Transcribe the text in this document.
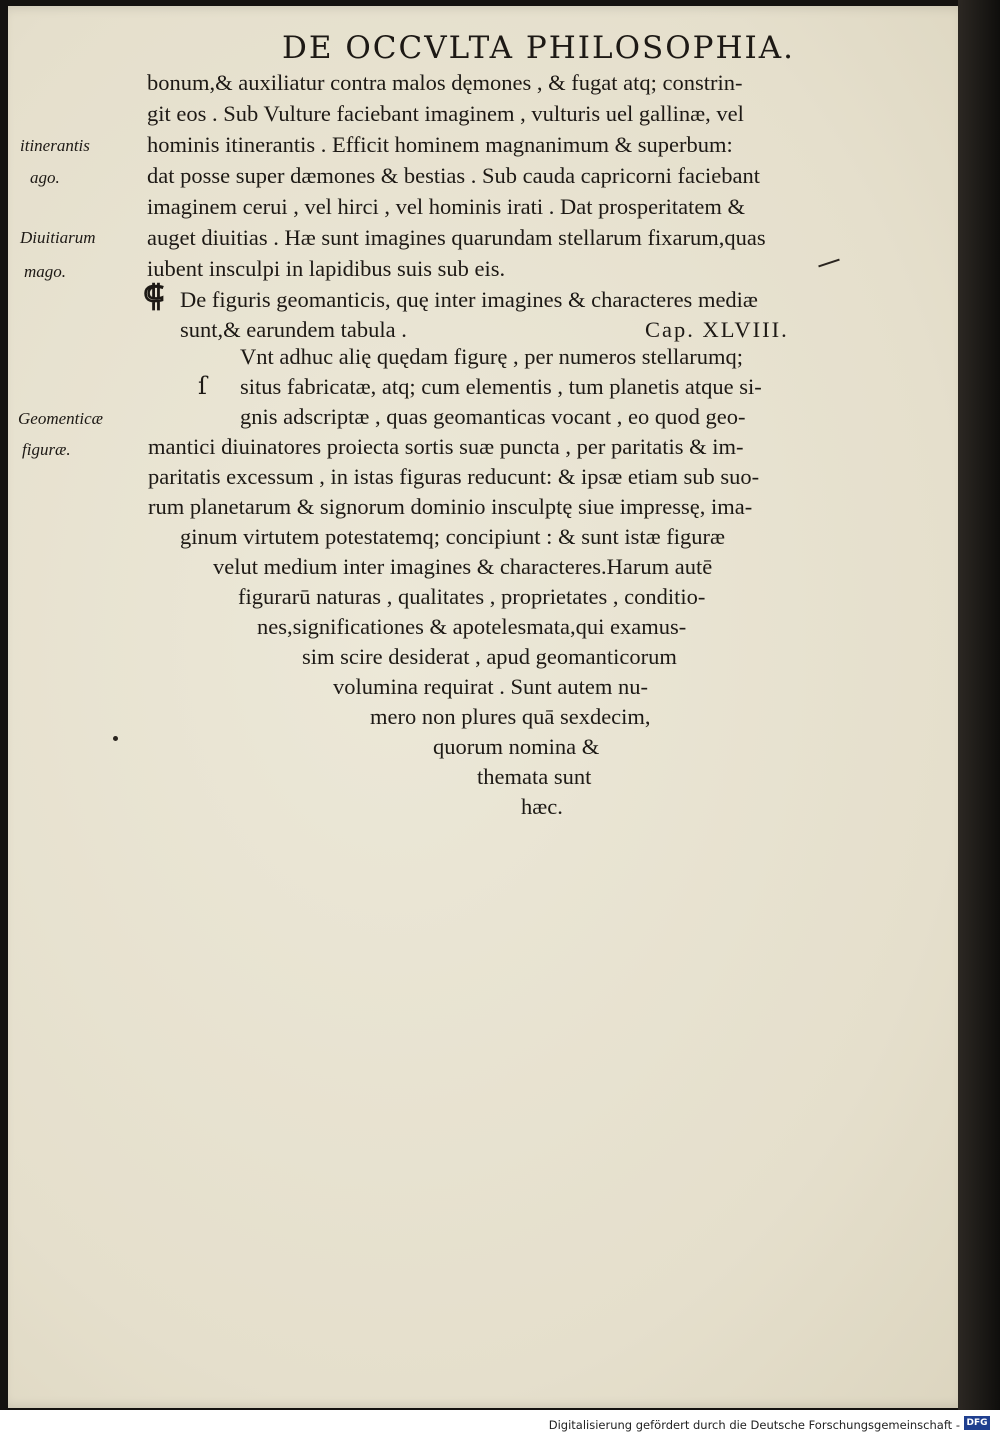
DE OCCVLTA PHILOSOPHIA.
itinerantis
ago.
Diuitiarum
mago.
Geomenticæ
figuræ.
bonum,& auxiliatur contra malos dęmones , & fugat atq; constrin-
git eos . Sub Vulture faciebant imaginem , vulturis uel gallinæ, vel
hominis itinerantis . Efficit hominem magnanimum & superbum:
dat posse super dæmones & bestias . Sub cauda capricorni faciebant
imaginem cerui , vel hirci , vel hominis irati . Dat prosperitatem &
auget diuitias . Hæ sunt imagines quarundam stellarum fixarum,quas
iubent insculpi in lapidibus suis sub eis.
⸿ De figuris geomanticis, quę inter imagines & characteres mediæ
sunt,& earundem tabula .	Cap. XLVIII.
ſ
Vnt adhuc alię quędam figurę , per numeros stellarumq;
situs fabricatæ, atq; cum elementis , tum planetis atque si-
gnis adscriptæ , quas geomanticas vocant , eo quod geo-
mantici diuinatores proiecta sortis suæ puncta , per paritatis & im-
paritatis excessum , in istas figuras reducunt: & ipsæ etiam sub suo-
rum planetarum & signorum dominio insculptę siue impressę, ima-
ginum virtutem potestatemq; concipiunt : & sunt istæ figuræ
velut medium inter imagines & characteres.Harum autē
figurarū naturas , qualitates , proprietates , conditio-
nes,significationes & apotelesmata,qui examus-
sim scire desiderat , apud geomanticorum
volumina requirat . Sunt autem nu-
mero non plures quā sexdecim,
quorum nomina &
themata sunt
hæc.
Digitalisierung gefördert durch die Deutsche Forschungsgemeinschaft - DFG
